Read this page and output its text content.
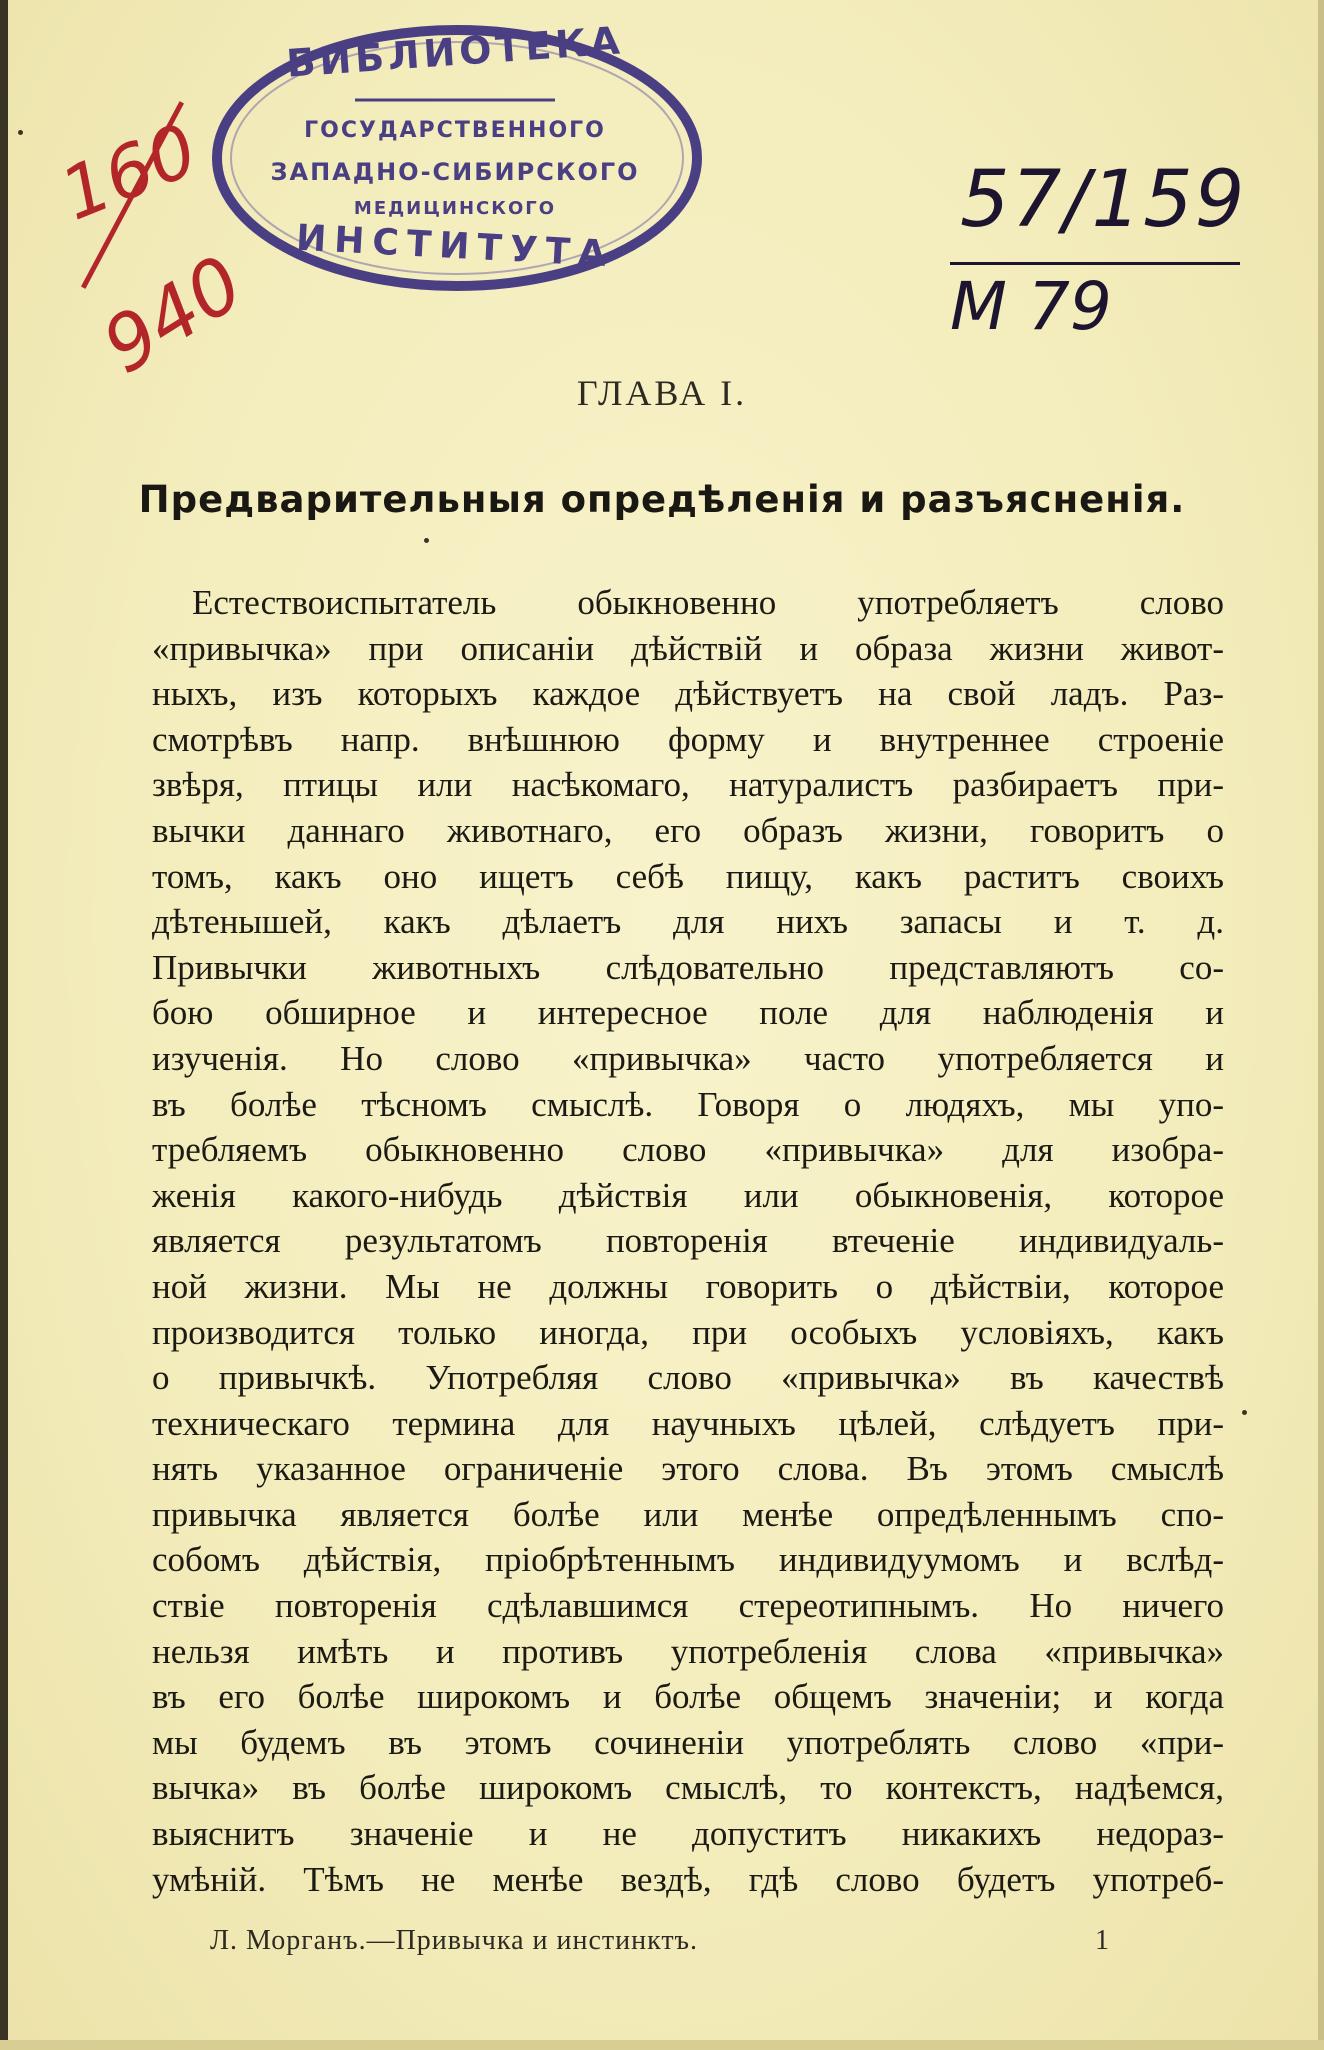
БИБЛИОТЕКА
ГОСУДАРСТВЕННОГО
ЗАПАДНО-СИБИРСКОГО
МЕДИЦИНСКОГО
ИНСТИТУТА
160
940
57/159
М 79
ГЛАВА I.
Предварительныя опредѣленія и разъясненія.
Естествоиспытатель обыкновенно употребляетъ слово
«привычка» при описаніи дѣйствій и образа жизни живот-
ныхъ, изъ которыхъ каждое дѣйствуетъ на свой ладъ. Раз-
смотрѣвъ напр. внѣшнюю форму и внутреннее строеніе
звѣря, птицы или насѣкомаго, натуралистъ разбираетъ при-
вычки даннаго животнаго, его образъ жизни, говоритъ о
томъ, какъ оно ищетъ себѣ пищу, какъ раститъ своихъ
дѣтенышей, какъ дѣлаетъ для нихъ запасы и т. д.
Привычки животныхъ слѣдовательно представляютъ со-
бою обширное и интересное поле для наблюденія и
изученія. Но слово «привычка» часто употребляется и
въ болѣе тѣсномъ смыслѣ. Говоря о людяхъ, мы упо-
требляемъ обыкновенно слово «привычка» для изобра-
женія какого-нибудь дѣйствія или обыкновенія, которое
является результатомъ повторенія втеченіе индивидуаль-
ной жизни. Мы не должны говорить о дѣйствіи, которое
производится только иногда, при особыхъ условіяхъ, какъ
о привычкѣ. Употребляя слово «привычка» въ качествѣ
техническаго термина для научныхъ цѣлей, слѣдуетъ при-
нять указанное ограниченіе этого слова. Въ этомъ смыслѣ
привычка является болѣе или менѣе опредѣленнымъ спо-
собомъ дѣйствія, пріобрѣтеннымъ индивидуумомъ и вслѣд-
ствіе повторенія сдѣлавшимся стереотипнымъ. Но ничего
нельзя имѣть и противъ употребленія слова «привычка»
въ его болѣе широкомъ и болѣе общемъ значеніи; и когда
мы будемъ въ этомъ сочиненіи употреблять слово «при-
вычка» въ болѣе широкомъ смыслѣ, то контекстъ, надѣемся,
выяснитъ значеніе и не допуститъ никакихъ недораз-
умѣній. Тѣмъ не менѣе вездѣ, гдѣ слово будетъ употреб-
Л. Морганъ.—Привычка и инстинктъ.	1
